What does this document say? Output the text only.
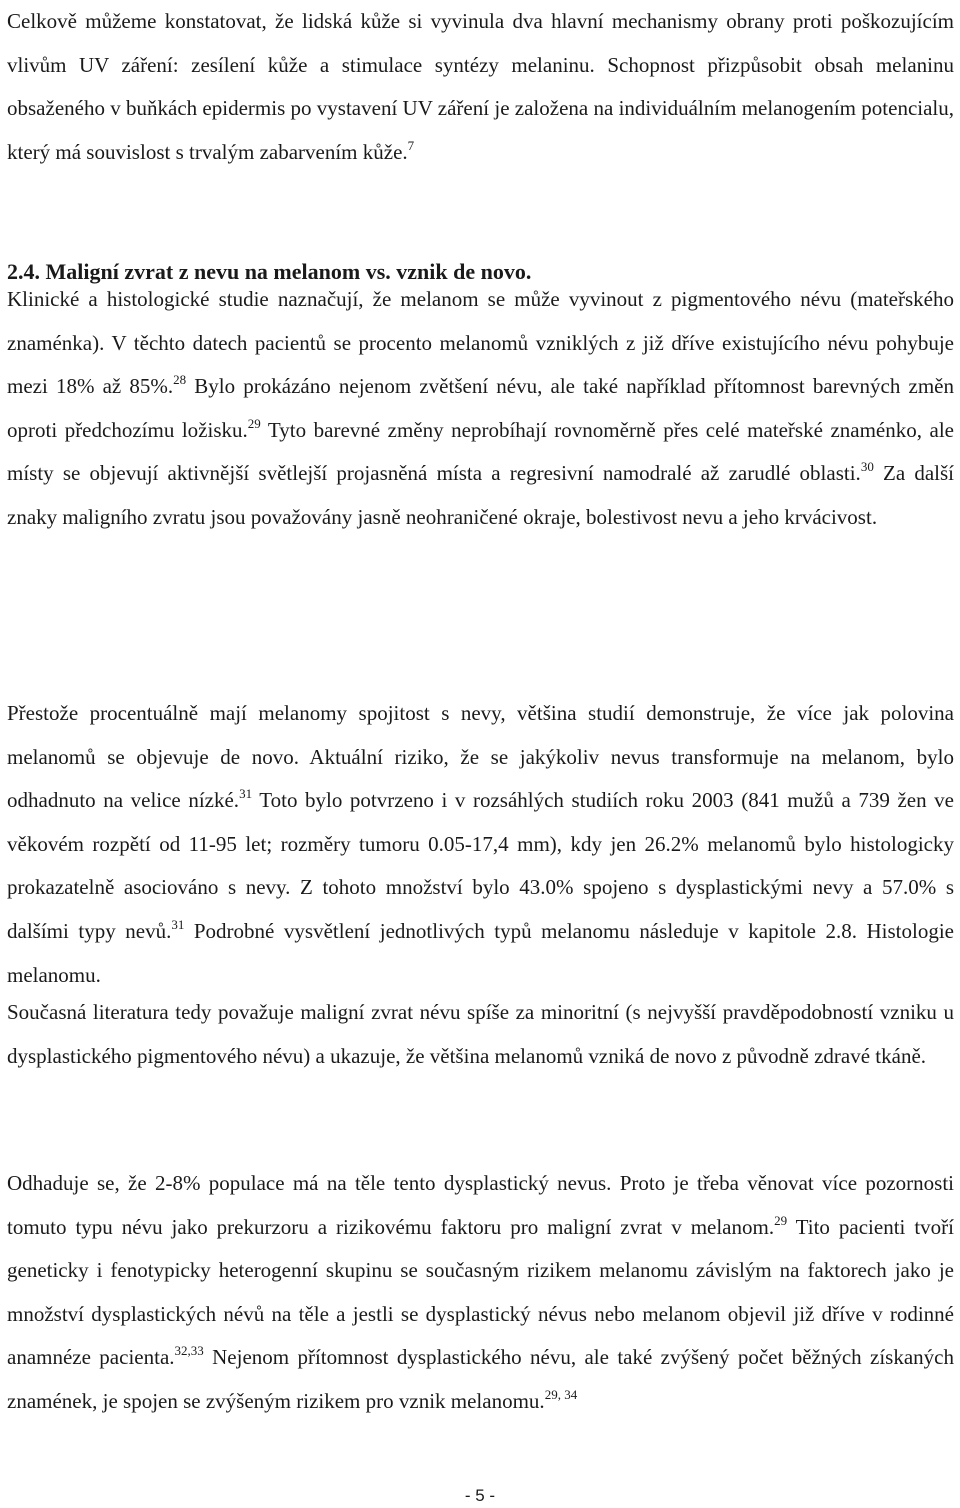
Celkově můžeme konstatovat, že lidská kůže si vyvinula dva hlavní mechanismy obrany proti poškozujícím vlivům UV záření: zesílení kůže a stimulace syntézy melaninu. Schopnost přizpůsobit obsah melaninu obsaženého v buňkách epidermis po vystavení UV záření je založena na individuálním melanogením potencialu, který má souvislost s trvalým zabarvením kůže.$^7$

2.4. Maligní zvrat z nevu na melanom vs. vznik de novo.

Klinické a histologické studie naznačují, že melanom se může vyvinout z pigmentového névu (mateřského znaménka). V těchto datech pacientů se procento melanomů vzniklých z již dříve existujícího névu pohybuje mezi 18% až 85%.$^{28}$ Bylo prokázáno nejenom zvětšení névu, ale také například přítomnost barevných změn oproti předchozímu ložisku.$^{29}$ Tyto barevné změny neprobíhají rovnoměrně přes celé mateřské znaménko, ale místy se objevují aktivnější světlejší projasněná místa a regresivní namodralé až zarudlé oblasti.$^{30}$ Za další znaky maligního zvratu jsou považovány jasně neohraničené okraje, bolestivost nevu a jeho krvácivost.

Přestože procentuálně mají melanomy spojitost s nevy, většina studií demonstruje, že více jak polovina melanomů se objevuje de novo. Aktuální riziko, že se jakýkoliv nevus transformuje na melanom, bylo odhadnuto na velice nízké.$^{31}$ Toto bylo potvrzeno i v rozsáhlých studiích roku 2003 (841 mužů a 739 žen ve věkovém rozpětí od 11-95 let; rozměry tumoru 0.05-17,4 mm), kdy jen 26.2% melanomů bylo histologicky prokazatelně asociováno s nevy. Z tohoto množství bylo 43.0% spojeno s dysplastickými nevy a 57.0% s dalšími typy nevů.$^{31}$ Podrobné vysvětlení jednotlivých typů melanomu následuje v kapitole 2.8. Histologie melanomu.

Současná literatura tedy považuje maligní zvrat névu spíše za minoritní (s nejvyšší pravděpodobností vzniku u dysplastického pigmentového névu) a ukazuje, že většina melanomů vzniká de novo z původně zdravé tkáně.

Odhaduje se, že 2-8% populace má na těle tento dysplastický nevus. Proto je třeba věnovat více pozornosti tomuto typu névu jako prekurzoru a rizikovému faktoru pro maligní zvrat v melanom.$^{29}$ Tito pacienti tvoří geneticky i fenotypicky heterogenní skupinu se současným rizikem melanomu závislým na faktorech jako je množství dysplastických névů na těle a jestli se dysplastický névus nebo melanom objevil již dříve v rodinné anamnéze pacienta.$^{32,33}$ Nejenom přítomnost dysplastického névu, ale také zvýšený počet běžných získaných znamének, je spojen se zvýšeným rizikem pro vznik melanomu.$^{29, 34}$

- 5 -
